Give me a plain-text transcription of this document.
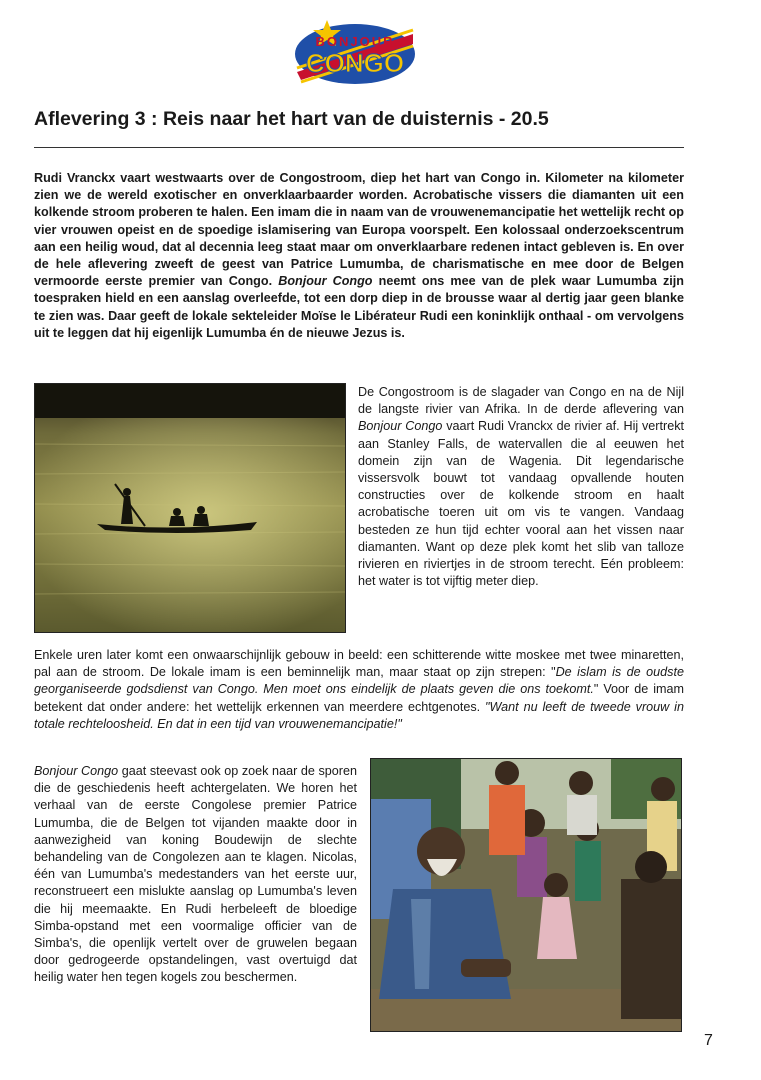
BONJOUR
CONGO
Aflevering 3 : Reis naar het hart van de duisternis - 20.5

Rudi Vranckx vaart westwaarts over de Congostroom, diep het hart van Congo in. Kilometer na kilometer zien we de wereld exotischer en onverklaarbaarder worden. Acrobatische vissers die diamanten uit een kolkende stroom proberen te halen. Een imam die in naam van de vrouwenemancipatie het wettelijk recht op vier vrouwen opeist en de spoedige islamisering van Europa voorspelt. Een kolossaal onderzoekscentrum aan een heilig woud, dat al decennia leeg staat maar om onverklaarbare redenen intact gebleven is. En over de hele aflevering zweeft de geest van Patrice Lumumba, de charismatische en mee door de Belgen vermoorde eerste premier van Congo. Bonjour Congo neemt ons mee van de plek waar Lumumba zijn toespraken hield en een aanslag overleefde, tot een dorp diep in de brousse waar al dertig jaar geen blanke te zien was. Daar geeft de lokale sekteleider Moïse le Libérateur Rudi een koninklijk onthaal - om vervolgens uit te leggen dat hij eigenlijk Lumumba én de nieuwe Jezus is.

De Congostroom is de slagader van Congo en na de Nijl de langste rivier van Afrika. In de derde aflevering van Bonjour Congo vaart Rudi Vranckx de rivier af. Hij vertrekt aan Stanley Falls, de watervallen die al eeuwen het domein zijn van de Wagenia. Dit legendarische vissersvolk bouwt tot vandaag opvallende houten constructies over de kolkende stroom en haalt acrobatische toeren uit om vis te vangen. Vandaag besteden ze hun tijd echter vooral aan het vissen naar diamanten. Want op deze plek komt het slib van talloze rivieren en riviertjes in de stroom terecht. Eén probleem: het water is tot vijftig meter diep.

Enkele uren later komt een onwaarschijnlijk gebouw in beeld: een schitterende witte moskee met twee minaretten, pal aan de stroom. De lokale imam is een beminnelijk man, maar staat op zijn strepen: "De islam is de oudste georganiseerde godsdienst van Congo. Men moet ons eindelijk de plaats geven die ons toekomt." Voor de imam betekent dat onder andere: het wettelijk erkennen van meerdere echtgenotes. "Want nu leeft de tweede vrouw in totale rechteloosheid. En dat in een tijd van vrouwenemancipatie!"

Bonjour Congo gaat steevast ook op zoek naar de sporen die de geschiedenis heeft achtergelaten. We horen het verhaal van de eerste Congolese premier Patrice Lumumba, die de Belgen tot vijanden maakte door in aanwezigheid van koning Boudewijn de slechte behandeling van de Congolezen aan te klagen. Nicolas, één van Lumumba's medestanders van het eerste uur, reconstrueert een mislukte aanslag op Lumumba's leven die hij meemaakte. En Rudi herbeleeft de bloedige Simba-opstand met een voormalige officier van de Simba's, die openlijk vertelt over de gruwelen begaan door gedrogeerde opstandelingen, vast overtuigd dat heilig water hen tegen kogels zou beschermen.

7
